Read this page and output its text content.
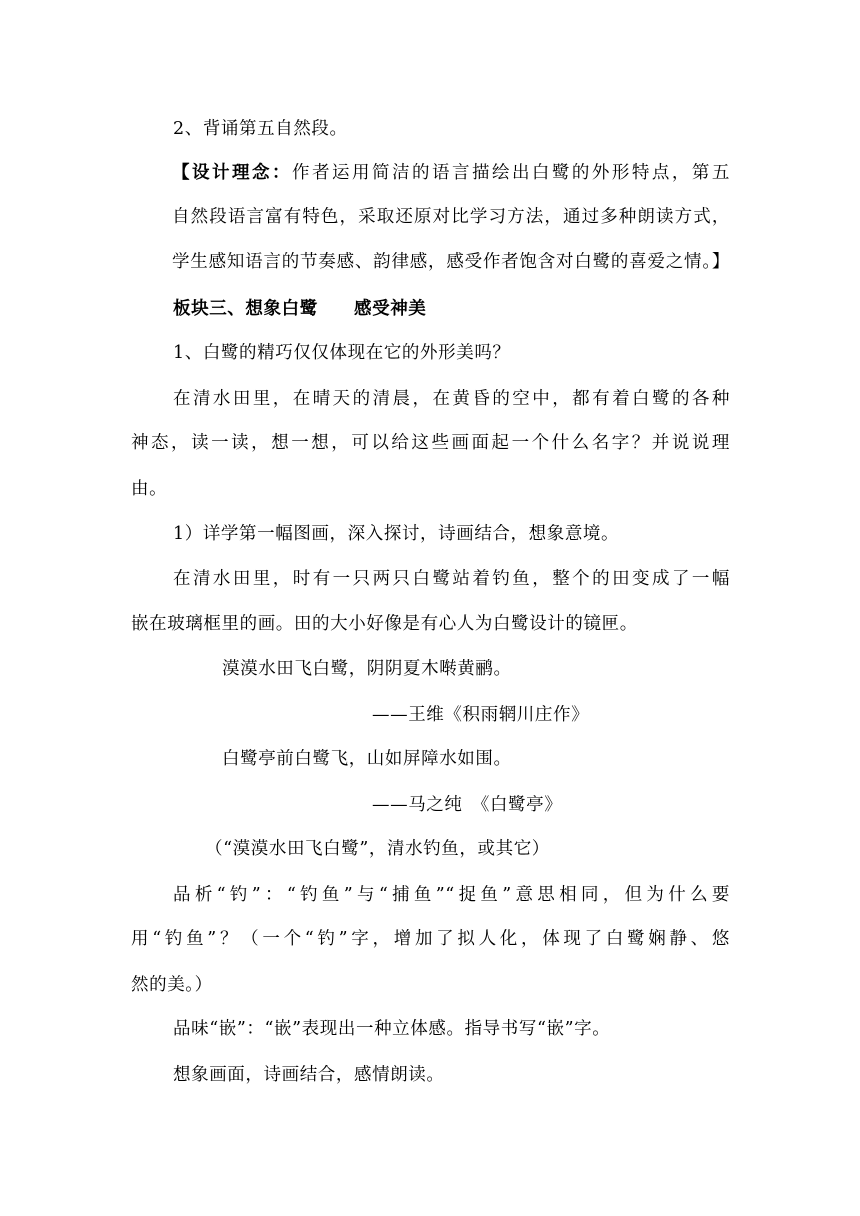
2、背诵第五自然段。
【设计理念：作者运用简洁的语言描绘出白鹭的外形特点，第五
自然段语言富有特色，采取还原对比学习方法，通过多种朗读方式，
学生感知语言的节奏感、韵律感，感受作者饱含对白鹭的喜爱之情。】
板块三、想象白鹭　　感受神美
1、白鹭的精巧仅仅体现在它的外形美吗？
在清水田里，在晴天的清晨，在黄昏的空中，都有着白鹭的各种
神态，读一读，想一想，可以给这些画面起一个什么名字？并说说理
由。
1）详学第一幅图画，深入探讨，诗画结合，想象意境。
在清水田里，时有一只两只白鹭站着钓鱼，整个的田变成了一幅
嵌在玻璃框里的画。田的大小好像是有心人为白鹭设计的镜匣。
漠漠水田飞白鹭，阴阴夏木啭黄鹂。
——王维《积雨辋川庄作》
白鹭亭前白鹭飞，山如屏障水如围。
——马之纯　《白鹭亭》
（“漠漠水田飞白鹭”，清水钓鱼，或其它）
品析“钓”：“钓鱼”与“捕鱼”“捉鱼”意思相同，但为什么要
用“钓鱼”？（一个“钓”字，增加了拟人化，体现了白鹭娴静、悠
然的美。）
品味“嵌”：“嵌”表现出一种立体感。指导书写“嵌”字。
想象画面，诗画结合，感情朗读。
